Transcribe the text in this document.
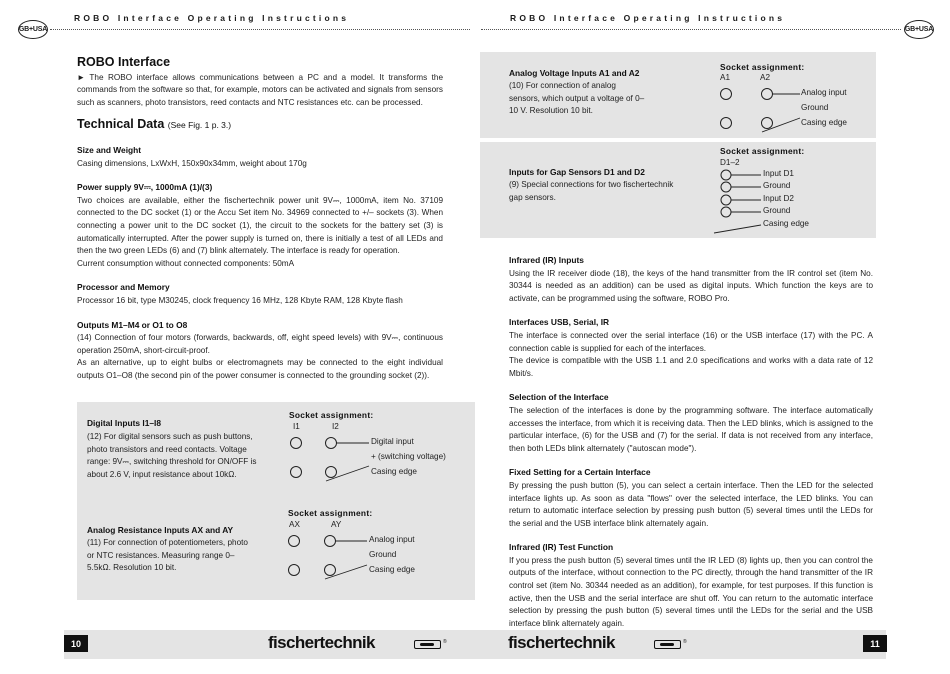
ROBO Interface Operating Instructions
GB+USA
ROBO Interface

► The ROBO interface allows communications between a PC and a model. It transforms the commands from the software so that, for example, motors can be activated and signals from sensors such as scanners, photo transistors, reed contacts and NTC resistances etc. can be processed.

Technical Data (See Fig. 1 p. 3.)
Size and Weight

Casing dimensions, LxWxH, 150x90x34mm, weight about 170g

Power supply 9V⎓, 1000mA (1)/(3)

Two choices are available, either the fischertechnik power unit 9V⎓, 1000mA, item No. 37109 connected to the DC socket (1) or the Accu Set item No. 34969 connected to +/– sockets (3). When connecting a power unit to the DC socket (1), the circuit to the sockets for the battery set (3) is automatically interrupted. After the power supply is turned on, there is initially a test of all LEDs and then the two green LEDs (6) and (7) blink alternately. The interface is ready for operation.

Current consumption without connected components: 50mA

Processor and Memory

Processor 16 bit, type M30245, clock frequency 16 MHz, 128 Kbyte RAM, 128 Kbyte flash

Outputs M1–M4 or O1 to O8

(14) Connection of four motors (forwards, backwards, off, eight speed levels) with 9V⎓, continuous operation 250mA, short-circuit-proof.

As an alternative, up to eight bulbs or electromagnets may be connected to the eight individual outputs O1–O8 (the second pin of the power consumer is connected to the grounding socket (2)).

Digital Inputs I1–I8
(12) For digital sensors such as push buttons, photo transistors and reed contacts. Voltage range: 9V⎓, switching threshold for ON/OFF is about 2.6 V, input resistance about 10kΩ.
Socket assignment:
I1	I2
Digital input
+ (switching voltage)
Casing edge
Analog Resistance Inputs AX and AY
(11) For connection of potentiometers, photo or NTC resistances. Measuring range 0–5.5kΩ. Resolution 10 bit.
Socket assignment:
AX	AY
Analog input
Ground
Casing edge
10	fischertechnik	®
ROBO Interface Operating Instructions
GB+USA
Analog Voltage Inputs A1 and A2
(10) For connection of analog sensors, which output a voltage of 0–10 V. Resolution 10 bit.
Socket assignment:
A1	A2
Analog input
Ground
Casing edge
Inputs for Gap Sensors D1 and D2
(9) Special connections for two fischertechnik gap sensors.
Socket assignment:
D1–2
Input D1
Ground
Input D2
Ground
Casing edge
Infrared (IR) Inputs

Using the IR receiver diode (18), the keys of the hand transmitter from the IR control set (item No. 30344 is needed as an addition) can be used as digital inputs. Which function the keys are to activate, can be programmed using the software, ROBO Pro.

Interfaces USB, Serial, IR

The interface is connected over the serial interface (16) or the USB interface (17) with the PC. A connection cable is supplied for each of the interfaces.

The device is compatible with the USB 1.1 and 2.0 specifications and works with a data rate of 12 Mbit/s.

Selection of the Interface

The selection of the interfaces is done by the programming software. The interface automatically accesses the interface, from which it is receiving data. Then the LED blinks, which is assigned to the particular interface, (6) for the USB and (7) for the serial. If data is not received from any interface, then both LEDs blink alternately ("autoscan mode").

Fixed Setting for a Certain Interface

By pressing the push button (5), you can select a certain interface. Then the LED for the selected interface lights up. As soon as data "flows" over the selected interface, the LED blinks. You can return to automatic interface selection by pressing push button (5) several times until the LEDs for the serial and the USB interface blink alternately again.

Infrared (IR) Test Function

If you press the push button (5) several times until the IR LED (8) lights up, then you can control the outputs of the interface, without connection to the PC directly, through the hand transmitter of the IR control set (item No. 30344 needed as an addition), for example, for test purposes. If this function is active, then the USB and the serial interface are shut off. You can return to the automatic interface selection by pressing the push button (5) several times until the LEDs for the serial and the USB interface blink alternately again.

fischertechnik	®	11
